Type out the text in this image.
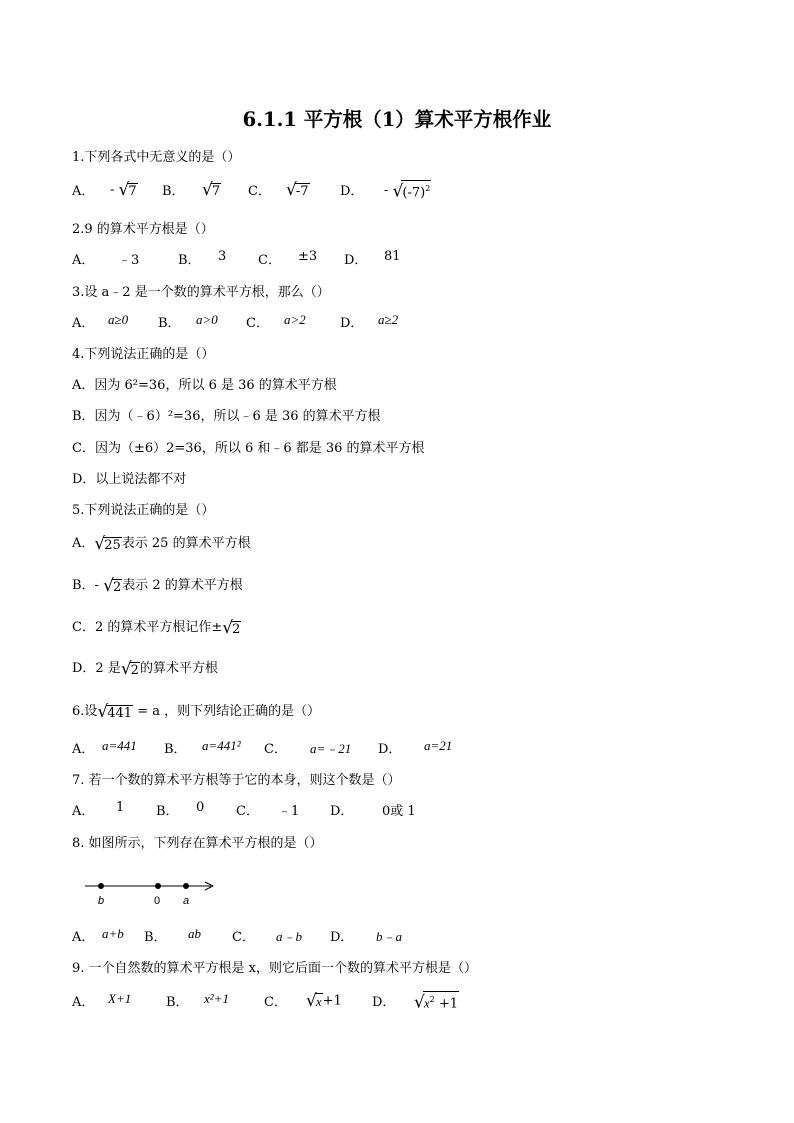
6.1.1 平方根（1）算术平方根作业
1.下列各式中无意义的是（）
A． - √7 B． √7 C． √-7 D． - $√(-7)^2$
2.9 的算术平方根是（）
A． ﹣3	B． 3 C． ±3 D． 81
3.设 a﹣2 是一个数的算术平方根，那么（）
A． a≥0 B． a>0 C． a>2	D． a≥2
4.下列说法正确的是（）
A．因为 6²=36，所以 6 是 36 的算术平方根
B．因为（﹣6）²=36，所以﹣6 是 36 的算术平方根
C．因为（±6）2=36，所以 6 和﹣6 都是 36 的算术平方根
D．以上说法都不对
5.下列说法正确的是（）
A．√25表示 25 的算术平方根
B．- √2表示 2 的算术平方根
C．2 的算术平方根记作±√2
D．2 是√2的算术平方根
6.设√441 = a ，则下列结论正确的是（）
A． a=441 B． a=441² C． a=﹣21 D． a=21
7. 若一个数的算术平方根等于它的本身，则这个数是（）
A． 1 B． 0 C． ﹣1 D． 0或 1
8. 如图所示，下列存在算术平方根的是（）
b	0 a
A． a+b B． ab C． a﹣b D． b﹣a
9. 一个自然数的算术平方根是 x，则它后面一个数的算术平方根是（）
A． X+1	B． x²+1	C． √x+1 D． $√x^2 +1$
